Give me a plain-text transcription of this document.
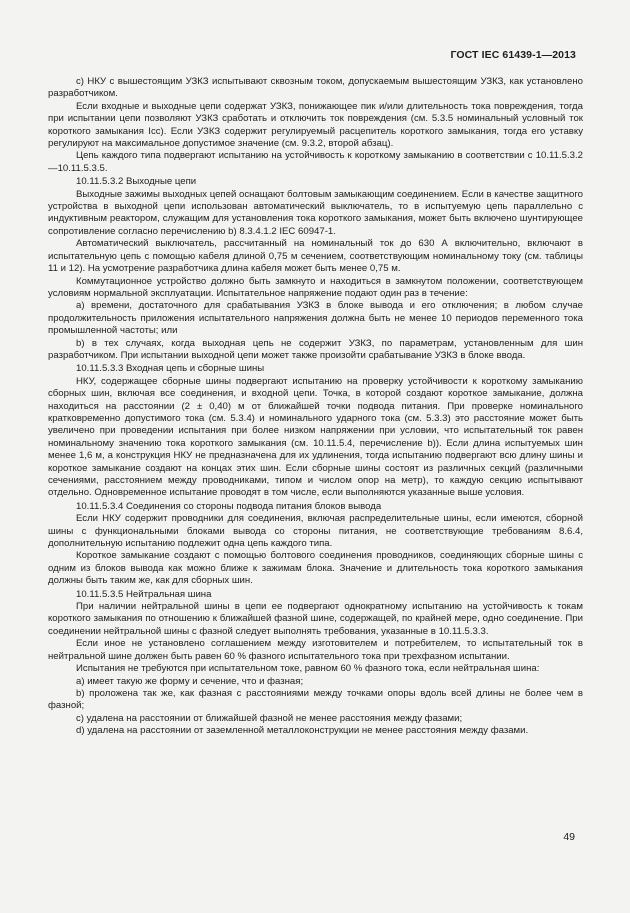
ГОСТ IEC 61439-1—2013

с) НКУ с вышестоящим УЗКЗ испытывают сквозным током, допускаемым вышестоящим УЗКЗ, как установлено разработчиком.

Если входные и выходные цепи содержат УЗКЗ, понижающее пик и/или длительность тока повреждения, тогда при испытании цепи позволяют УЗКЗ сработать и отключить ток повреждения (см. 5.3.5 номинальный условный ток короткого замыкания Icc). Если УЗКЗ содержит регулируемый расцепитель короткого замыкания, тогда его уставку регулируют на максимальное допустимое значение (см. 9.3.2, второй абзац).

Цепь каждого типа подвергают испытанию на устойчивость к короткому замыканию в соответствии с 10.11.5.3.2—10.11.5.3.5.

10.11.5.3.2 Выходные цепи

Выходные зажимы выходных цепей оснащают болтовым замыкающим соединением. Если в качестве защитного устройства в выходной цепи использован автоматический выключатель, то в испытуемую цепь параллельно с индуктивным реактором, служащим для установления тока короткого замыкания, может быть включено шунтирующее сопротивление согласно перечислению b) 8.3.4.1.2 IEC 60947-1.

Автоматический выключатель, рассчитанный на номинальный ток до 630 А включительно, включают в испытательную цепь с помощью кабеля длиной 0,75 м сечением, соответствующим номинальному току (см. таблицы 11 и 12). На усмотрение разработчика длина кабеля может быть менее 0,75 м.

Коммутационное устройство должно быть замкнуто и находиться в замкнутом положении, соответствующем условиям нормальной эксплуатации. Испытательное напряжение подают один раз в течение:

а) времени, достаточного для срабатывания УЗКЗ в блоке вывода и его отключения; в любом случае продолжительность приложения испытательного напряжения должна быть не менее 10 периодов переменного тока промышленной частоты; или

b) в тех случаях, когда выходная цепь не содержит УЗКЗ, по параметрам, установленным для шин разработчиком. При испытании выходной цепи может также произойти срабатывание УЗКЗ в блоке ввода.

10.11.5.3.3 Входная цепь и сборные шины

НКУ, содержащее сборные шины подвергают испытанию на проверку устойчивости к короткому замыканию сборных шин, включая все соединения, и входной цепи. Точка, в которой создают короткое замыкание, должна находиться на расстоянии (2 ± 0,40) м от ближайшей точки подвода питания. При проверке номинального кратковременно допустимого тока (см. 5.3.4) и номинального ударного тока (см. 5.3.3) это расстояние может быть увеличено при проведении испытания при более низком напряжении при условии, что испытательный ток равен номинальному значению тока короткого замыкания (см. 10.11.5.4, перечисление b)). Если длина испытуемых шин менее 1,6 м, а конструкция НКУ не предназначена для их удлинения, тогда испытанию подвергают всю длину шины и короткое замыкание создают на концах этих шин. Если сборные шины состоят из различных секций (различными сечениями, расстоянием между проводниками, типом и числом опор на метр), то каждую секцию испытывают отдельно. Одновременное испытание проводят в том числе, если выполняются указанные выше условия.

10.11.5.3.4 Соединения со стороны подвода питания блоков вывода

Если НКУ содержит проводники для соединения, включая распределительные шины, если имеются, сборной шины с функциональными блоками вывода со стороны питания, не соответствующие требованиям 8.6.4, дополнительную испытанию подлежит одна цепь каждого типа.

Короткое замыкание создают с помощью болтового соединения проводников, соединяющих сборные шины с одним из блоков вывода как можно ближе к зажимам блока. Значение и длительность тока короткого замыкания должны быть таким же, как для сборных шин.

10.11.5.3.5 Нейтральная шина

При наличии нейтральной шины в цепи ее подвергают однократному испытанию на устойчивость к токам короткого замыкания по отношению к ближайшей фазной шине, содержащей, по крайней мере, одно соединение. При соединении нейтральной шины с фазной следует выполнять требования, указанные в 10.11.5.3.3.

Если иное не установлено соглашением между изготовителем и потребителем, то испытательный ток в нейтральной шине должен быть равен 60 % фазного испытательного тока при трехфазном испытании.

Испытания не требуются при испытательном токе, равном 60 % фазного тока, если нейтральная шина:

a) имеет такую же форму и сечение, что и фазная;

b) проложена так же, как фазная с расстояниями между точками опоры вдоль всей длины не более чем в фазной;

c) удалена на расстоянии от ближайшей фазной не менее расстояния между фазами;

d) удалена на расстоянии от заземленной металлоконструкции не менее расстояния между фазами.

49
